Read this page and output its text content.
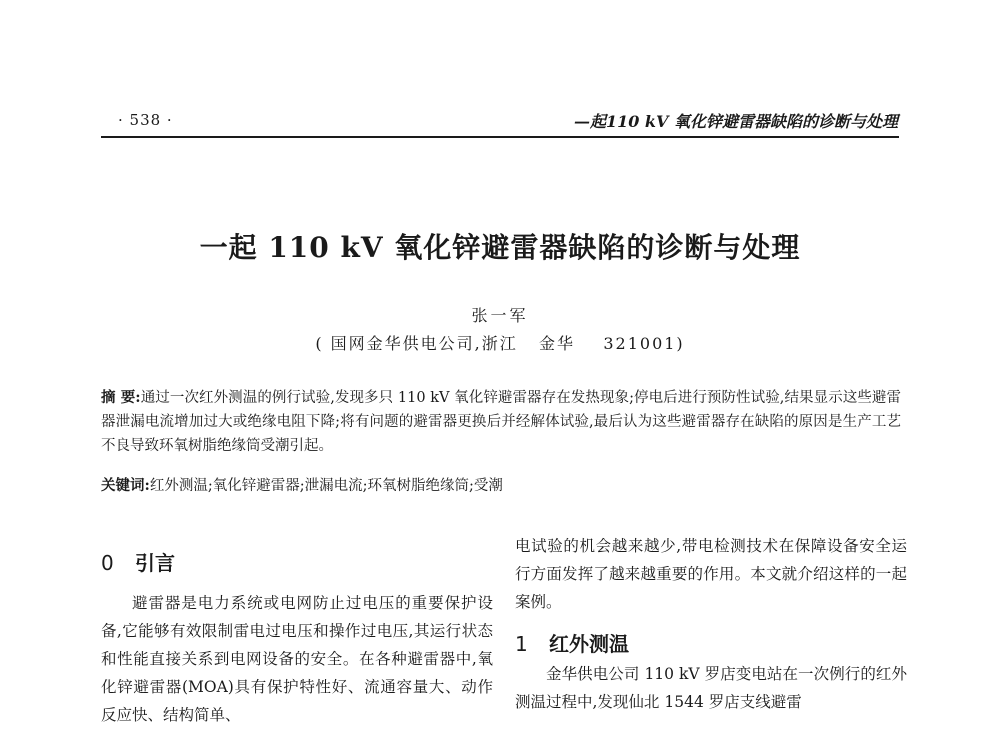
· 538 ·	—起110 kV 氧化锌避雷器缺陷的诊断与处理
一起 110 kV 氧化锌避雷器缺陷的诊断与处理
张一军
( 国网金华供电公司,浙江   金华    321001)
摘 要:通过一次红外测温的例行试验,发现多只 110 kV 氧化锌避雷器存在发热现象;停电后进行预防性试验,结果显示这些避雷器泄漏电流增加过大或绝缘电阻下降;将有问题的避雷器更换后并经解体试验,最后认为这些避雷器存在缺陷的原因是生产工艺不良导致环氧树脂绝缘筒受潮引起。
关键词:红外测温;氧化锌避雷器;泄漏电流;环氧树脂绝缘筒;受潮
0 引言

避雷器是电力系统或电网防止过电压的重要保护设备,它能够有效限制雷电过电压和操作过电压,其运行状态和性能直接关系到电网设备的安全。在各种避雷器中,氧化锌避雷器(MOA)具有保护特性好、流通容量大、动作反应快、结构简单、

电试验的机会越来越少,带电检测技术在保障设备安全运行方面发挥了越来越重要的作用。本文就介绍这样的一起案例。

1 红外测温

金华供电公司 110 kV 罗店变电站在一次例行的红外测温过程中,发现仙北 1544 罗店支线避雷
